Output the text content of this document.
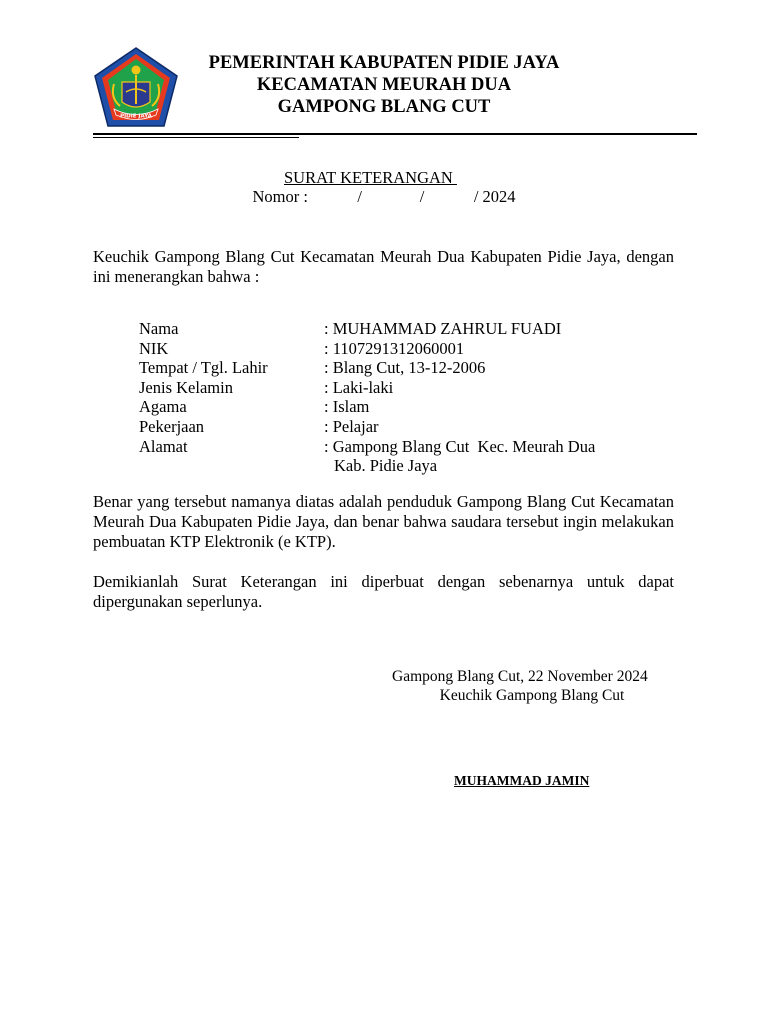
PIDIE JAYA
PEMERINTAH KABUPATEN PIDIE JAYA
KECAMATAN MEURAH DUA
GAMPONG BLANG CUT
SURAT KETERANGAN
Nomor :            /              /            / 2024
Keuchik Gampong Blang Cut Kecamatan Meurah Dua Kabupaten Pidie Jaya, dengan ini menerangkan bahwa :
Nama	: MUHAMMAD ZAHRUL FUADI
NIK	: 1107291312060001
Tempat / Tgl. Lahir	: Blang Cut, 13-12-2006
Jenis Kelamin	: Laki-laki
Agama	: Islam
Pekerjaan	: Pelajar
Alamat	: Gampong Blang Cut  Kec. Meurah Dua
Kab. Pidie Jaya
Benar yang tersebut namanya diatas adalah penduduk Gampong Blang Cut Kecamatan Meurah Dua Kabupaten Pidie Jaya, dan benar bahwa saudara tersebut ingin melakukan pembuatan KTP Elektronik (e KTP).
Demikianlah Surat Keterangan ini diperbuat dengan sebenarnya untuk dapat dipergunakan seperlunya.
Gampong Blang Cut, 22 November 2024
Keuchik Gampong Blang Cut
MUHAMMAD JAMIN
